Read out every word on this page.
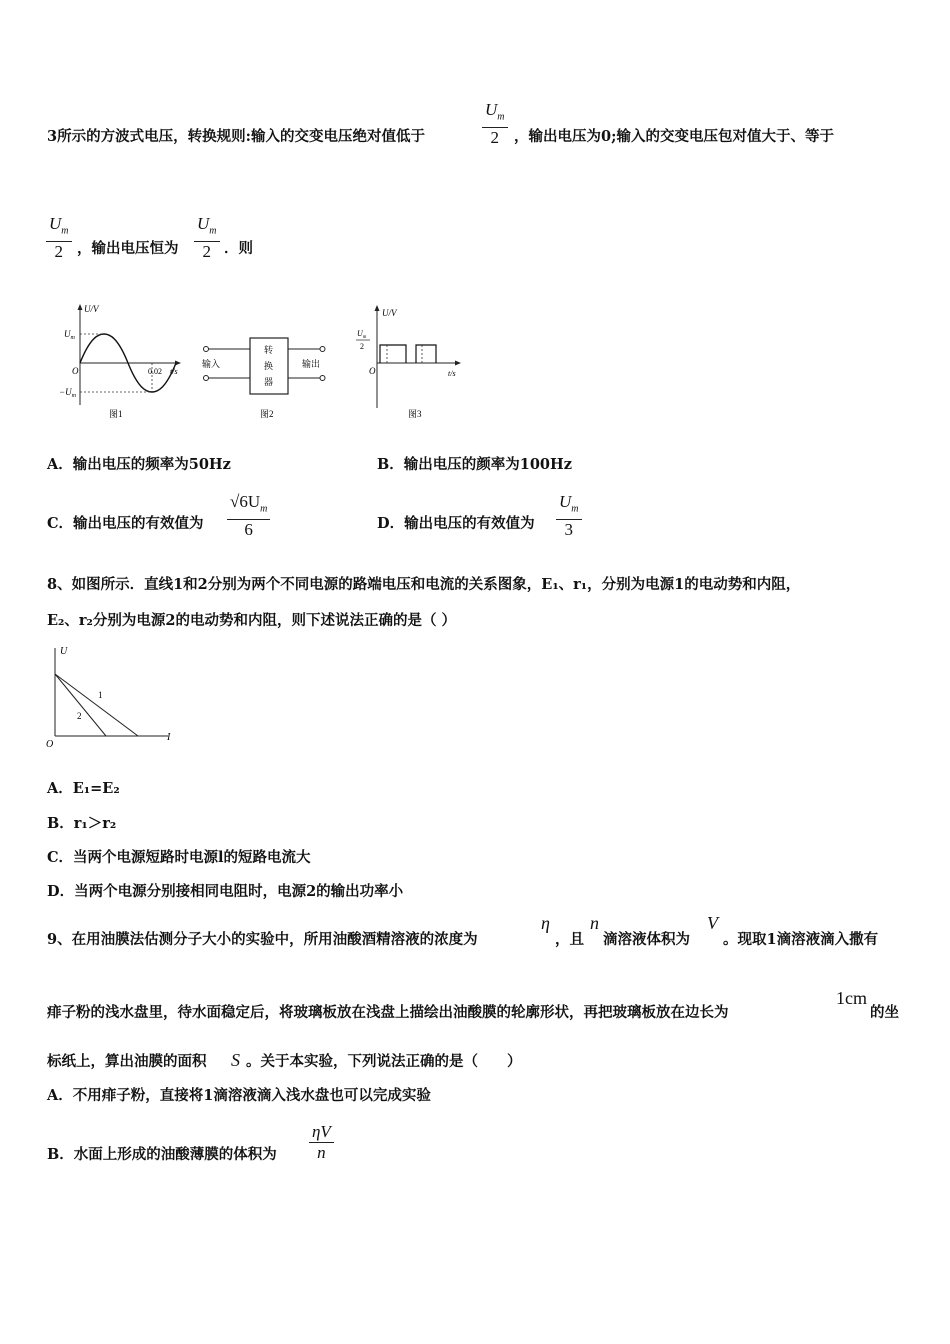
3所示的方波式电压，转换规则:输入的交变电压绝对值低于	$\frac{U_m}{2}$ ，输出电压为0;输入的交变电压包对值大于、等于
$\frac{U_m}{2}$ ，输出电压恒为 $\frac{U_m}{2}$ ．则
U/V
$U_m$
$-U_m$
O	0.02 t/s
图1
输入
转
换
器
输出
图2
U/V
$U_m$
2
O	t/s
图3
A．输出电压的频率为50Hz	B．输出电压的颜率为100Hz
C．输出电压的有效值为 $\frac{√6U_m}{6}$	D．输出电压的有效值为 $\frac{U_m}{3}$
8、如图所示．直线1和2分别为两个不同电源的路端电压和电流的关系图象，E₁、r₁，分别为电源1的电动势和内阻，
E₂、r₂分别为电源2的电动势和内阻，则下述说法正确的是（ ）
U
O
I
1
2
A．E₁=E₂
B．r₁＞r₂
C．当两个电源短路时电源l的短路电流大
D．当两个电源分别接相同电阻时，电源2的输出功率小
9、在用油膜法估测分子大小的实验中，所用油酸酒精溶液的浓度为
η
，且
n
滴溶液体积为
V
。现取1滴溶液滴入撒有
痱子粉的浅水盘里，待水面稳定后，将玻璃板放在浅盘上描绘出油酸膜的轮廓形状，再把玻璃板放在边长为
1cm
的坐
标纸上，算出油膜的面积 S 。关于本实验，下列说法正确的是（　　）
A．不用痱子粉，直接将1滴溶液滴入浅水盘也可以完成实验
B．水面上形成的油酸薄膜的体积为 $\frac{\eta V}{n}$
